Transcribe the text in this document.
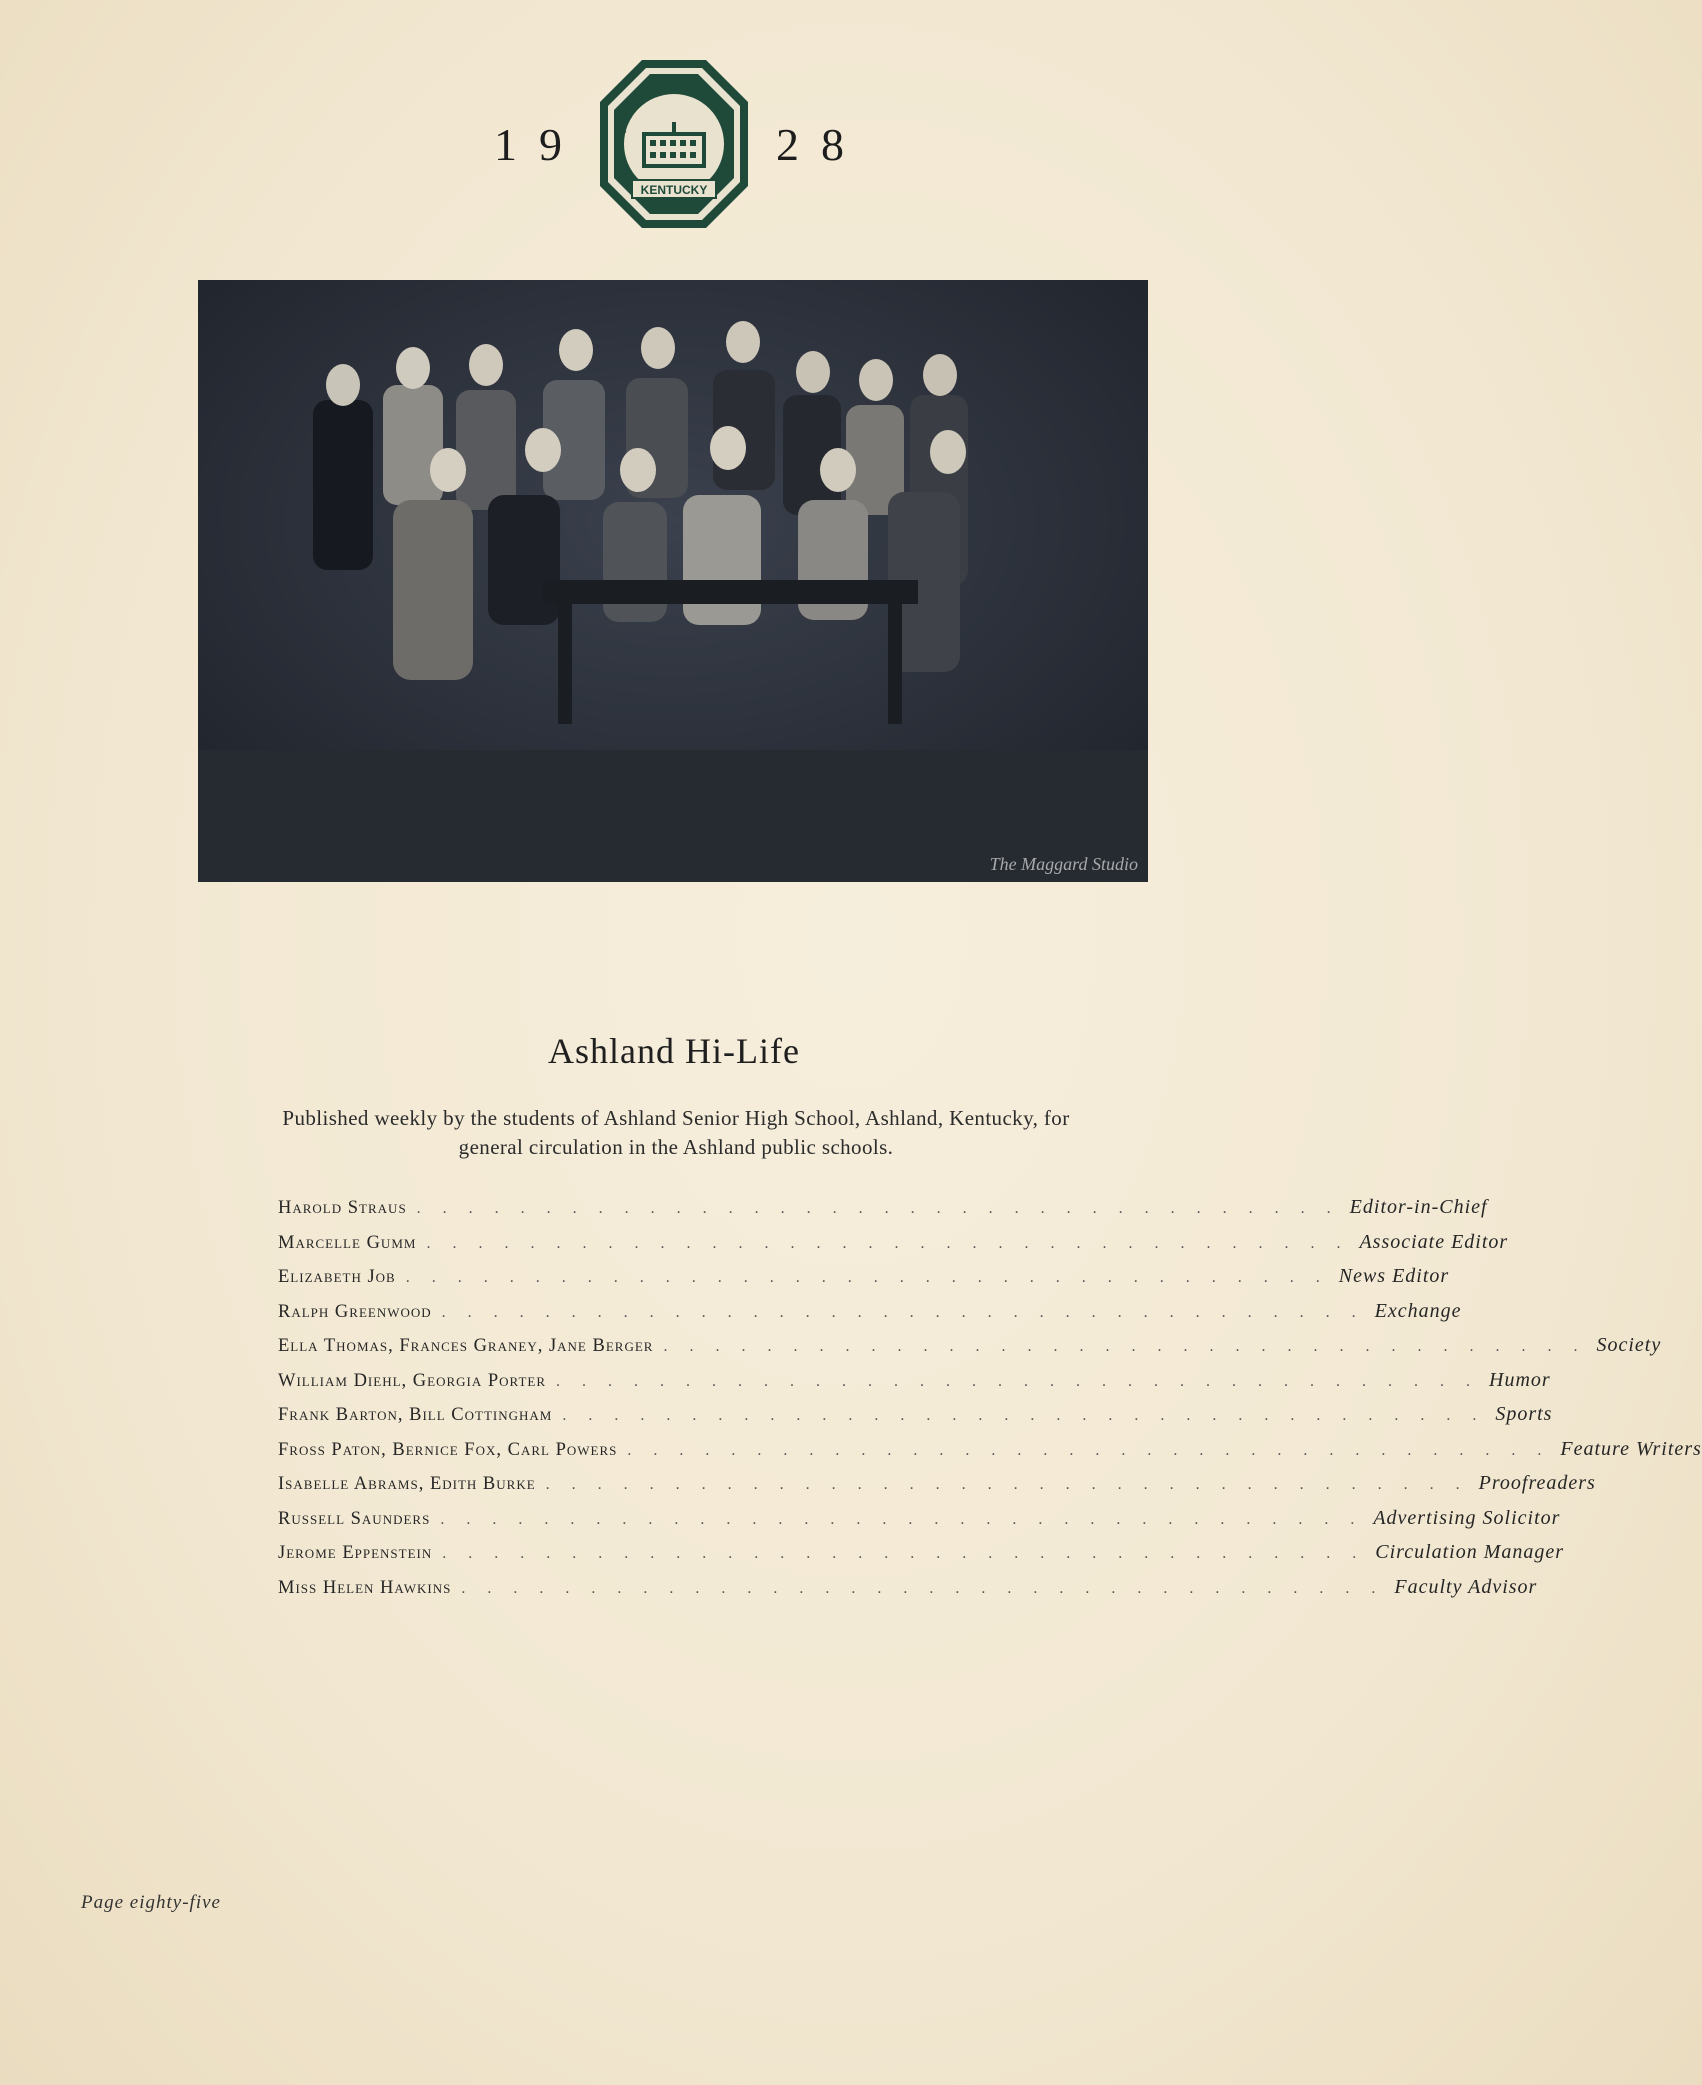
19	ASHLAND SENIOR HIGH
KENTUCKY
28
The Maggard Studio
Ashland Hi-Life
Published weekly by the students of Ashland Senior High School, Ashland, Kentucky, for general circulation in the Ashland public schools.
Harold Straus . . . . . . . . . . . . . . . . . . . . . . . . . . . . . . . . . . . . Editor-in-Chief
Marcelle Gumm . . . . . . . . . . . . . . . . . . . . . . . . . . . . . . . . . . . . Associate Editor
Elizabeth Job . . . . . . . . . . . . . . . . . . . . . . . . . . . . . . . . . . . . News Editor
Ralph Greenwood . . . . . . . . . . . . . . . . . . . . . . . . . . . . . . . . . . . . Exchange
Ella Thomas, Frances Graney, Jane Berger . . . . . . . . . . . . . . . . . . . . . . . . . . . . . . . . . . . . Society
William Diehl, Georgia Porter . . . . . . . . . . . . . . . . . . . . . . . . . . . . . . . . . . . . Humor
Frank Barton, Bill Cottingham . . . . . . . . . . . . . . . . . . . . . . . . . . . . . . . . . . . . Sports
Fross Paton, Bernice Fox, Carl Powers . . . . . . . . . . . . . . . . . . . . . . . . . . . . . . . . . . . . Feature Writers
Isabelle Abrams, Edith Burke . . . . . . . . . . . . . . . . . . . . . . . . . . . . . . . . . . . . Proofreaders
Russell Saunders . . . . . . . . . . . . . . . . . . . . . . . . . . . . . . . . . . . . Advertising Solicitor
Jerome Eppenstein . . . . . . . . . . . . . . . . . . . . . . . . . . . . . . . . . . . . Circulation Manager
Miss Helen Hawkins . . . . . . . . . . . . . . . . . . . . . . . . . . . . . . . . . . . . Faculty Advisor
Page eighty-five
